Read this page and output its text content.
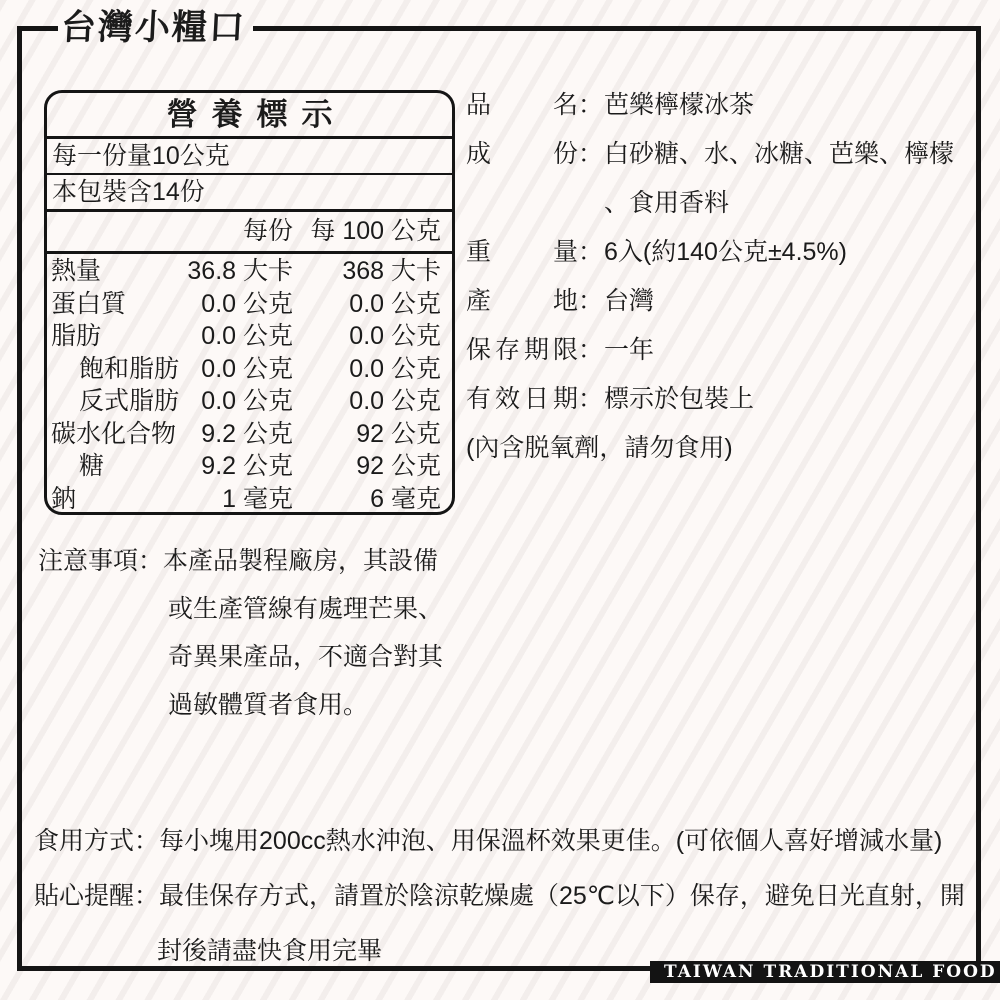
台灣小糧口
TAIWAN TRADITIONAL FOOD
營養標示
每一份量10公克
本包裝含14份
每份 每 100 公克
熱量	36.8 大卡	368 大卡
蛋白質	0.0 公克	0.0 公克
脂肪	0.0 公克	0.0 公克
飽和脂肪 0.0 公克	0.0 公克
反式脂肪 0.0 公克	0.0 公克
碳水化合物	9.2 公克	92 公克
糖	9.2 公克	92 公克
鈉	1 毫克	6 毫克
品名：芭樂檸檬冰茶
成份：白砂糖、水、冰糖、芭樂、檸檬
、食用香料
重量：6入(約140公克±4.5%)
產地：台灣
保存期限：一年
有效日期：標示於包裝上
(內含脱氧劑，請勿食用)
注意事項：本產品製程廠房，其設備
或生產管線有處理芒果、
奇異果產品，不適合對其
過敏體質者食用。
食用方式：每小塊用200cc熱水沖泡、用保溫杯效果更佳。(可依個人喜好增減水量)
貼心提醒：最佳保存方式，請置於陰涼乾燥處（25℃以下）保存，避免日光直射，開
封後請盡快食用完畢
